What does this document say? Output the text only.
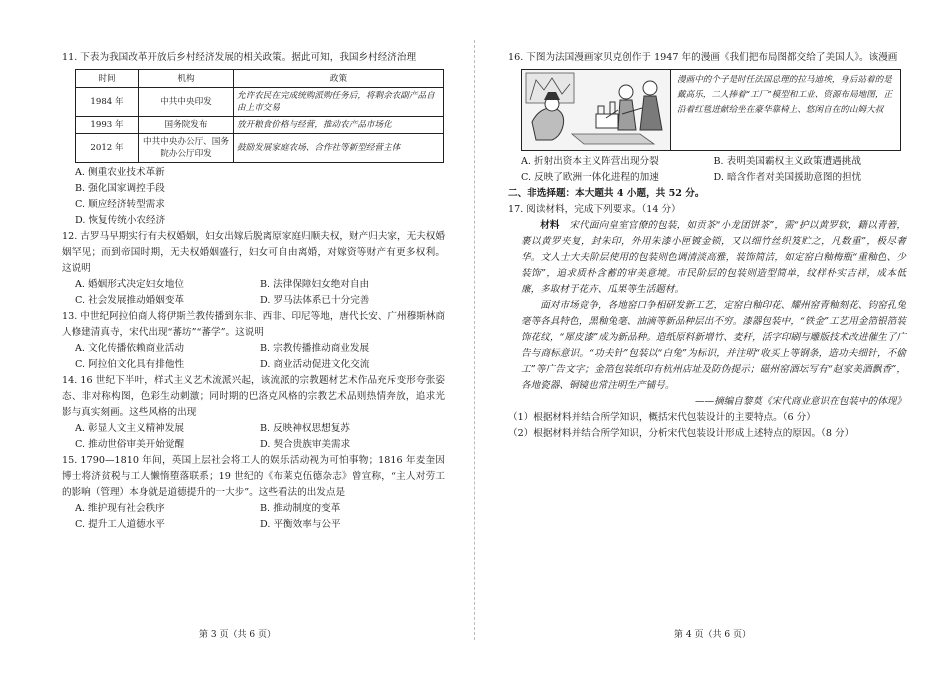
11. 下表为我国改革开放后乡村经济发展的相关政策。据此可知，我国乡村经济治理

时间	机构	政策
1984 年	中共中央印发	允许农民在完成统购派购任务后，将剩余农副产品自由上市交易
1993 年	国务院发布	放开粮食价格与经营，推动农产品市场化
2012 年	中共中央办公厅、国务院办公厅印发	鼓励发展家庭农场、合作社等新型经营主体
A. 侧重农业技术革新
B. 强化国家调控手段
C. 顺应经济转型需求
D. 恢复传统小农经济

12. 古罗马早期实行有夫权婚姻，妇女出嫁后脱离原家庭归顺夫权，财产归夫家，无夫权婚姻罕见；而到帝国时期，无夫权婚姻盛行，妇女可自由离婚，对嫁资等财产有更多权利。这说明

A. 婚姻形式决定妇女地位	B. 法律保障妇女绝对自由
C. 社会发展推动婚姻变革	D. 罗马法体系已十分完善

13. 中世纪阿拉伯商人将伊斯兰教传播到东非、西非、印尼等地，唐代长安、广州穆斯林商人修建清真寺，宋代出现“蕃坊”“蕃学”。这说明

A. 文化传播依赖商业活动	B. 宗教传播推动商业发展
C. 阿拉伯文化具有排他性	D. 商业活动促进文化交流

14. 16 世纪下半叶，样式主义艺术流派兴起，该流派的宗教题材艺术作品充斥变形夸张姿态、非对称构图，色彩生动刺激；同时期的巴洛克风格的宗教艺术品则热情奔放，追求光影与真实刻画。这些风格的出现

A. 彰显人文主义精神发展	B. 反映神权思想复苏
C. 推动世俗审美开始觉醒	D. 契合贵族审美需求

15. 1790—1810 年间，英国上层社会将工人的娱乐活动视为可怕事物；1816 年麦奎因博士将济贫税与工人懒惰堕落联系；19 世纪的《布莱克伍德杂志》曾宣称，“主人对劳工的影响（管理）本身就是道德提升的一大步”。这些看法的出发点是

A. 维护现有社会秩序	B. 推动制度的变革
C. 提升工人道德水平	D. 平衡效率与公平
第 3 页（共 6 页）

16. 下图为法国漫画家贝克创作于 1947 年的漫画《我们把布局图都交给了美国人》。该漫画

漫画中的个子是时任法国总理的拉马迪埃，身后站着的是戴高乐，二人捧着“工厂”模型和工业、资源布局地图，正沿着红毯进献给坐在豪华靠椅上、悠闲自在的山姆大叔
A. 折射出资本主义阵营出现分裂	B. 表明美国霸权主义政策遭遇挑战
C. 反映了欧洲一体化进程的加速	D. 暗含作者对美国援助意图的担忧

二、非选择题：本大题共 4 小题，共 52 分。

17. 阅读材料，完成下列要求。（14 分）

材料  宋代面向皇室官僚的包装，如贡茶“小龙团饼茶”，需“护以黄罗软，籍以青箬，裹以黄罗夹复，封朱印，外用朱漆小匣镀金锁，又以细竹丝织笈贮之，凡数重”，极尽奢华。文人士大夫阶层使用的包装则色调清淡高雅，装饰简洁，如定窑白釉梅瓶“重釉色、少装饰”，追求质朴含蓄的审美意境。市民阶层的包装则造型简单，纹样朴实吉祥，成本低廉，多取材于花卉、瓜果等生活题材。

面对市场竞争，各地窑口争相研发新工艺，定窑白釉印花、耀州窑青釉刻花、钧窑孔兔毫等各具特色，黑釉兔毫、油滴等新品种层出不穷。漆器包装中，“铁金”工艺用金箔银箔装饰花纹，“犀皮漆”成为新品种。造纸原料新增竹、麦秆，活字印刷与雕版技术改进催生了广告与商标意识。“功夫针”包装以“白兔”为标识，并注明“收买上等钢条，造功夫细针，不偷工”等广告文字；金箔包装纸印有杭州店址及防伪提示；磁州窑酒坛写有“赵家美酒飘香”，各地瓷器、铜镜也常注明生产铺号。

——摘编自黎莫《宋代商业意识在包装中的体现》

（1）根据材料并结合所学知识，概括宋代包装设计的主要特点。（6 分）

（2）根据材料并结合所学知识，分析宋代包装设计形成上述特点的原因。（8 分）

第 4 页（共 6 页）
